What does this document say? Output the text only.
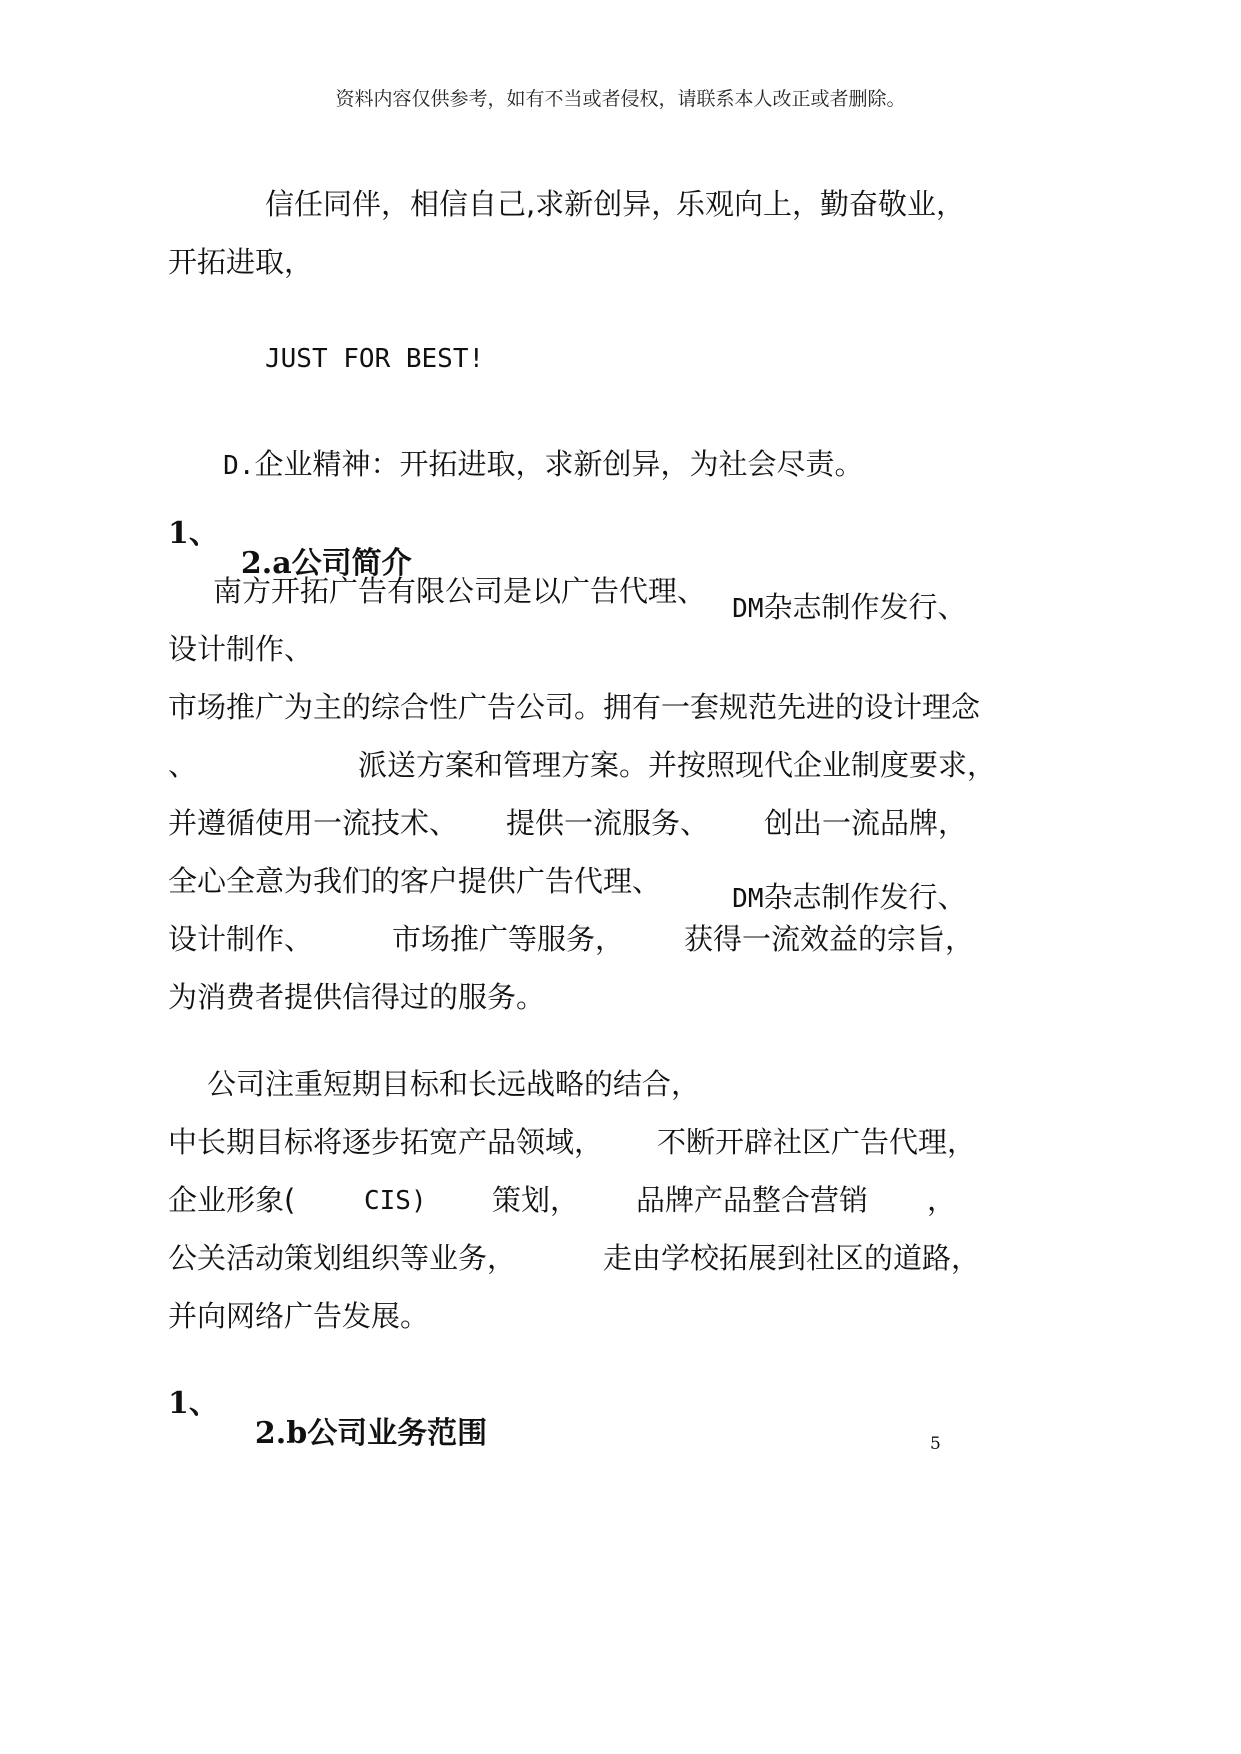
资料内容仅供参考，如有不当或者侵权，请联系本人改正或者删除。
信任同伴， 相信自己,求新创异，
乐观向上，
勤奋敬业，
开拓进取，
JUST FOR BEST!

D.企业精神：开拓进取，求新创异，为社会尽责。

1、

2.a公司简介

南方开拓广告有限公司是以广告代理、

DM杂志制作发行、

设计制作、
市场推广为主的综合性广告公司。拥有一套规范先进的设计理念
、	派送方案和管理方案。并按照现代企业制度要求，
并遵循使用一流技术、 提供一流服务、 创出一流品牌，
全心全意为我们的客户提供广告代理、

DM杂志制作发行、

设计制作、	市场推广等服务， 获得一流效益的宗旨，
为消费者提供信得过的服务。
公司注重短期目标和长远战略的结合，
中长期目标将逐步拓宽产品领域， 不断开辟社区广告代理，
企业形象(	CIS) 策划， 品牌产品整合营销 ，
公关活动策划组织等业务，	走由学校拓展到社区的道路，
并向网络广告发展。
1、

2.b公司业务范围	5
